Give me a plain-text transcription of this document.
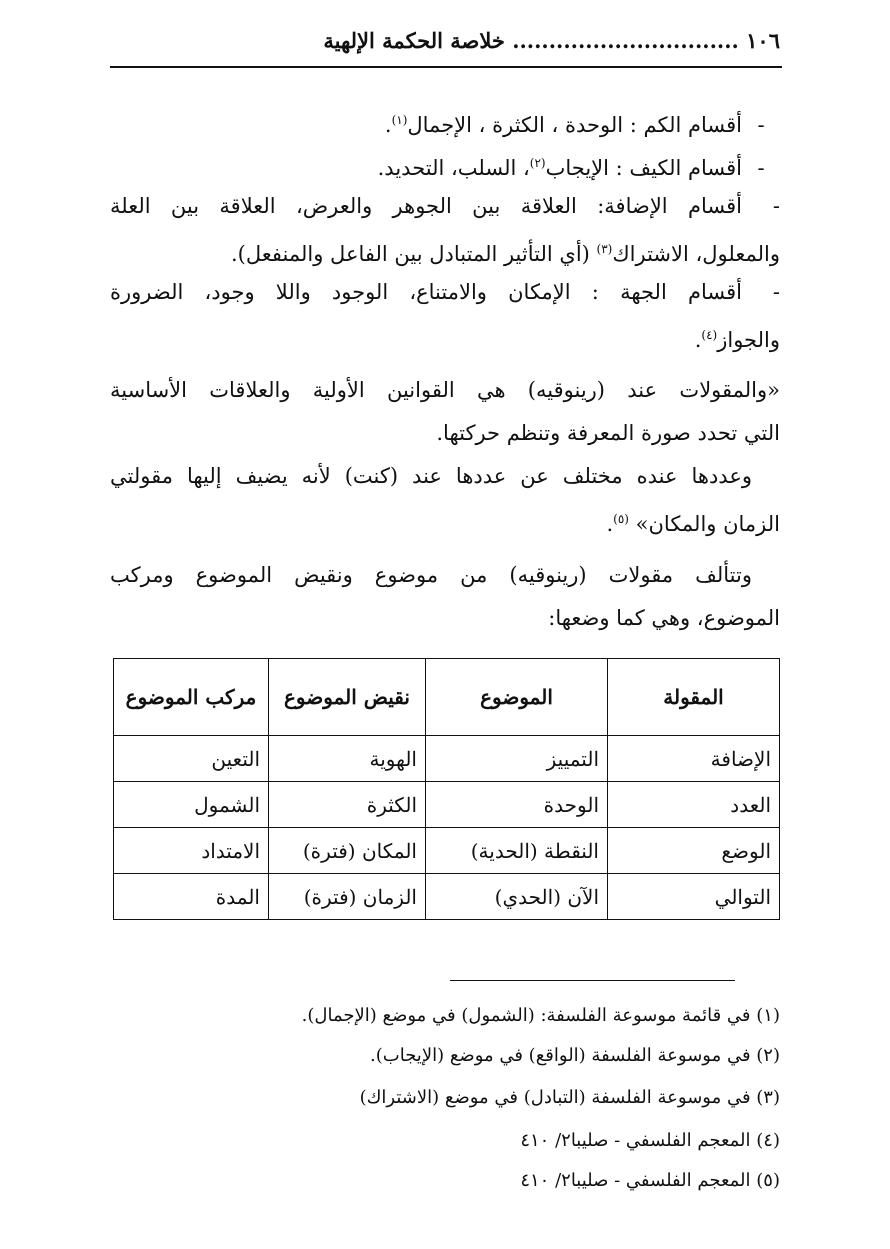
١٠٦ ............................... خلاصة الحكمة الإلهية
-أقسام الكم : الوحدة ، الكثرة ، الإجمال$^{(١)}$.
-أقسام الكيف : الإيجاب$^{(٢)}$، السلب، التحديد.
-أقسام الإضافة: العلاقة بين الجوهر والعرض، العلاقة بين العلة
والمعلول، الاشتراك$^{(٣)}$ (أي التأثير المتبادل بين الفاعل والمنفعل).
-أقسام الجهة : الإمكان والامتناع، الوجود واللا وجود، الضرورة
والجواز$^{(٤)}$.
«والمقولات عند (رينوقيه) هي القوانين الأولية والعلاقات الأساسية
التي تحدد صورة المعرفة وتنظم حركتها.
وعددها عنده مختلف عن عددها عند (كنت) لأنه يضيف إليها مقولتي
الزمان والمكان» $^{(٥)}$.
وتتألف مقولات (رينوقيه) من موضوع ونقيض الموضوع ومركب
الموضوع، وهي كما وضعها:
المقولة	الموضوع	نقيض الموضوع	مركب الموضوع
الإضافة	التمييز	الهوية	التعين
العدد	الوحدة	الكثرة	الشمول
الوضع	النقطة (الحدية)	المكان (فترة)	الامتداد
التوالي	الآن (الحدي)	الزمان (فترة)	المدة
(١) في قائمة موسوعة الفلسفة: (الشمول) في موضع (الإجمال).
(٢) في موسوعة الفلسفة (الواقع) في موضع (الإيجاب).
(٣) في موسوعة الفلسفة (التبادل) في موضع (الاشتراك)
(٤) المعجم الفلسفي - صليبا٢/ ٤١٠
(٥) المعجم الفلسفي - صليبا٢/ ٤١٠
